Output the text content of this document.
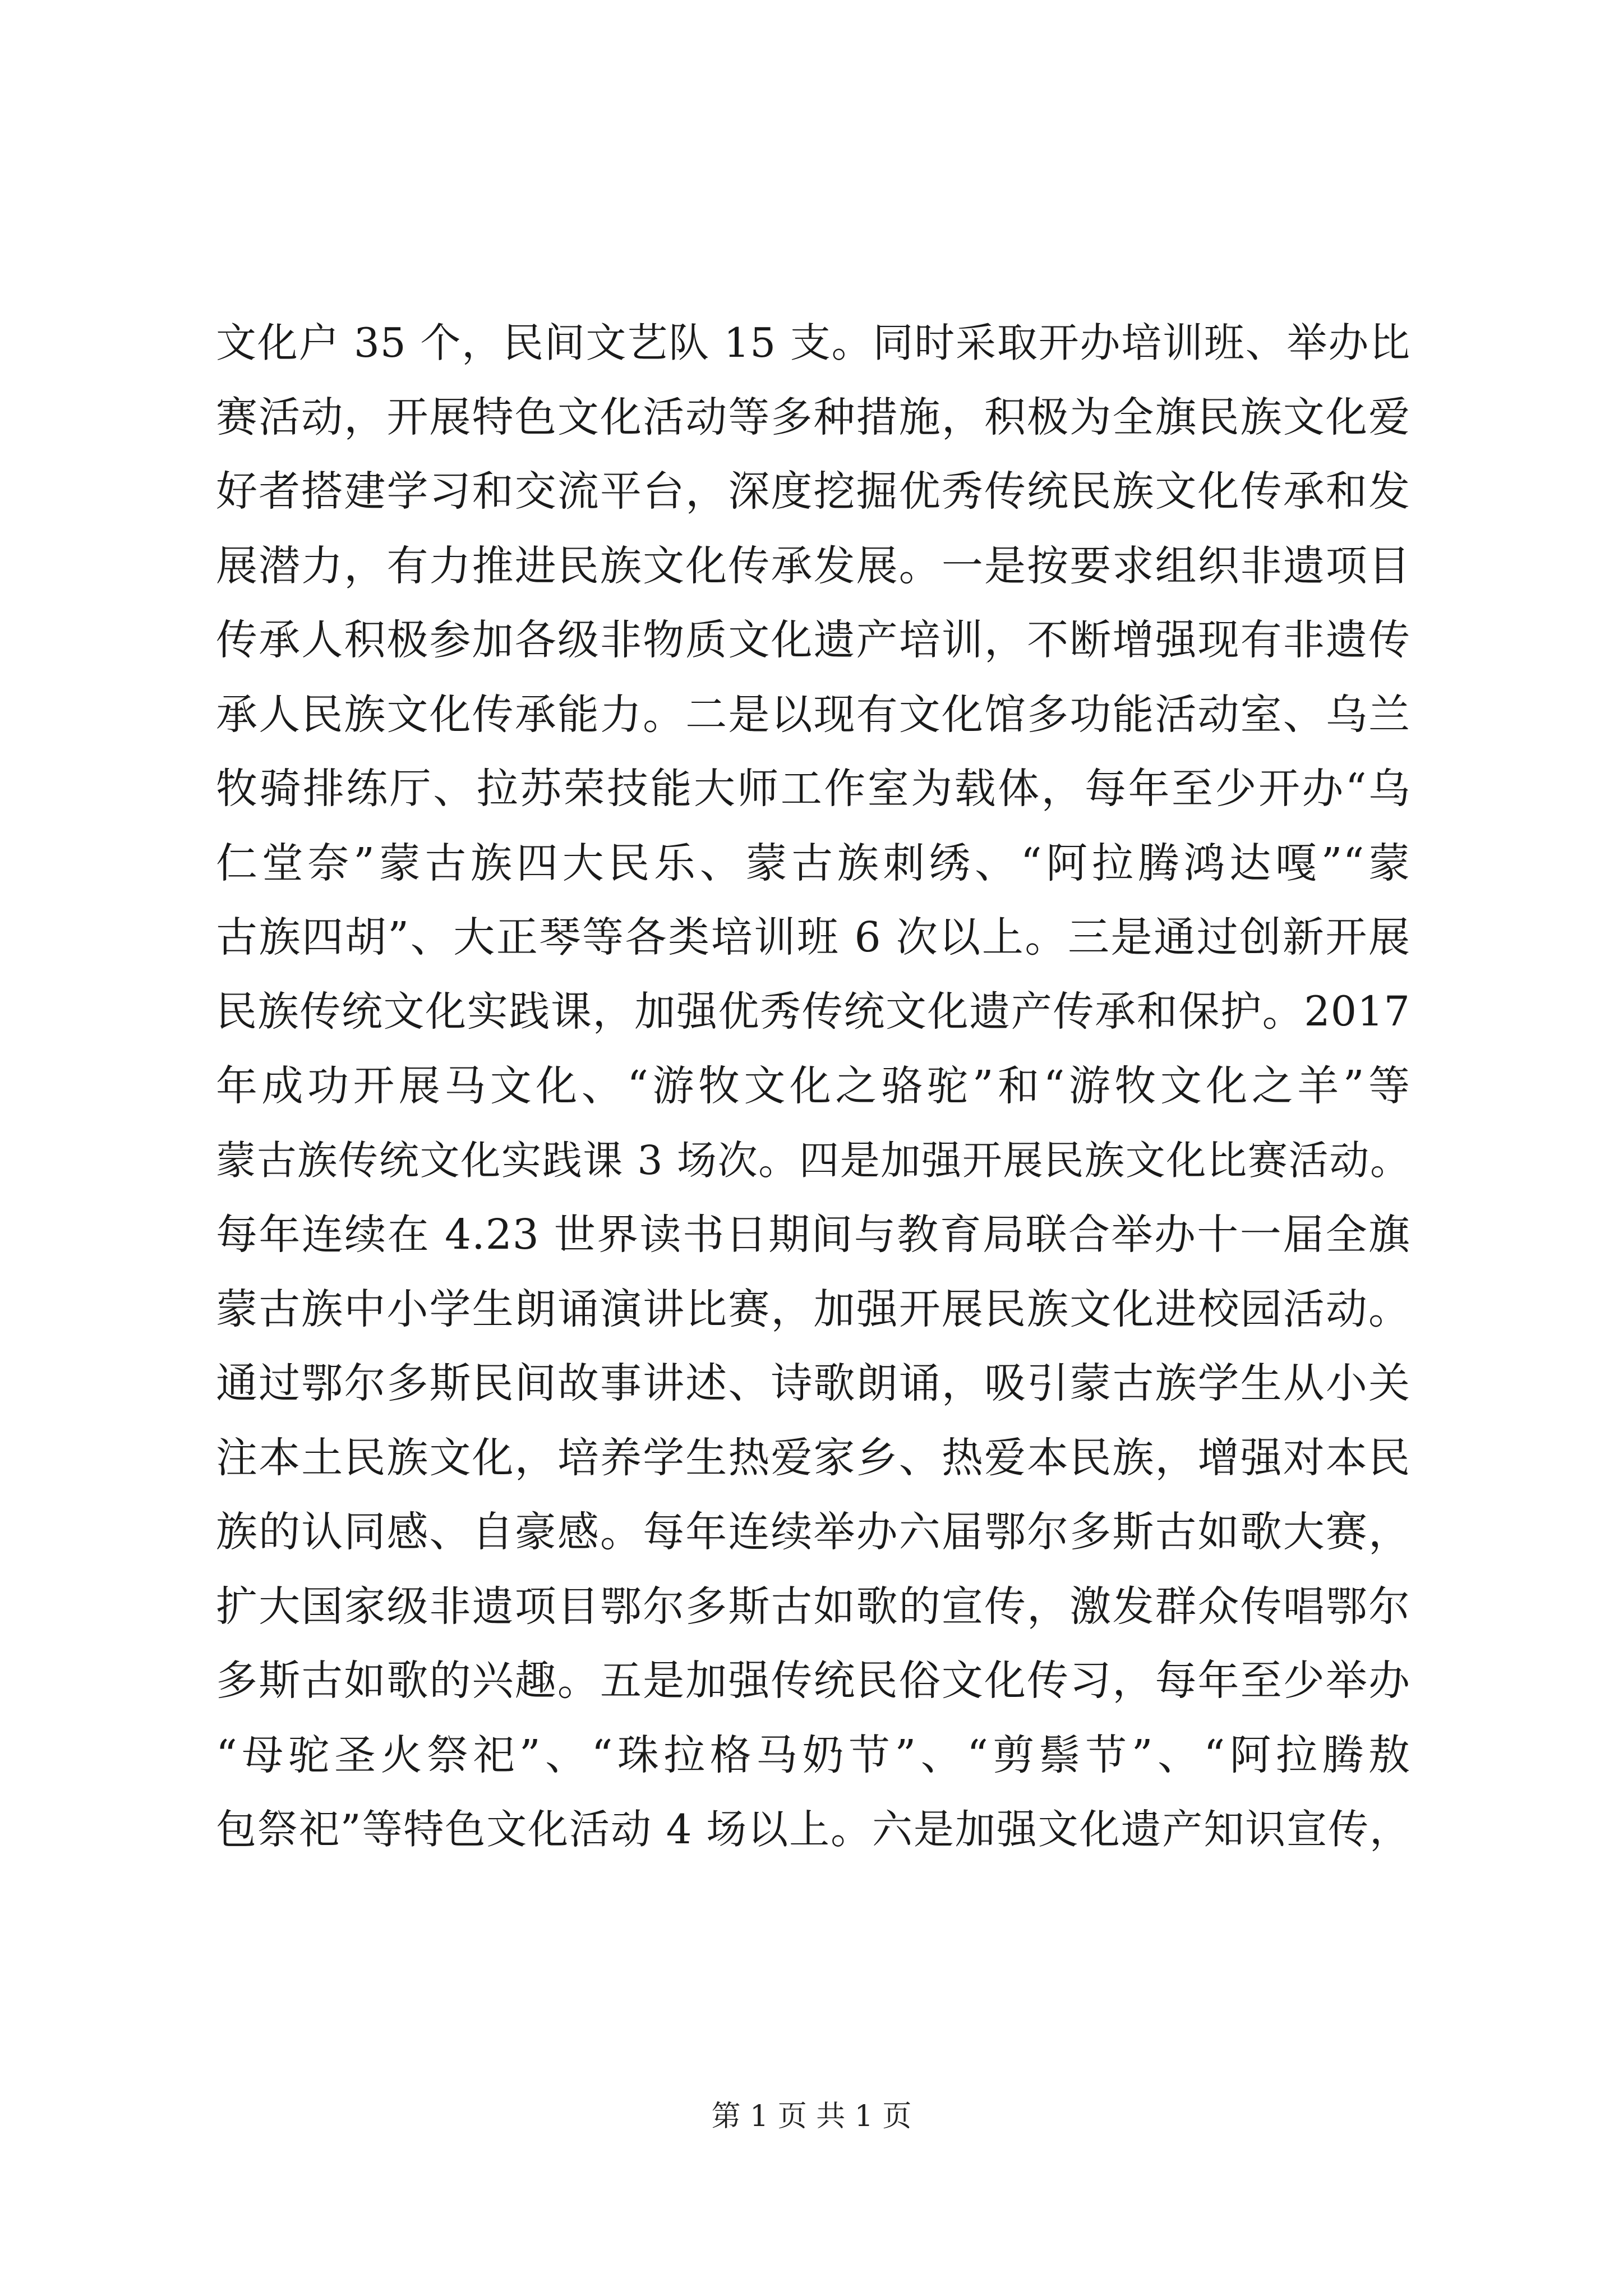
文化户 35 个，民间文艺队 15 支。同时采取开办培训班、举办比
赛活动，开展特色文化活动等多种措施，积极为全旗民族文化爱
好者搭建学习和交流平台，深度挖掘优秀传统民族文化传承和发
展潜力，有力推进民族文化传承发展。一是按要求组织非遗项目
传承人积极参加各级非物质文化遗产培训，不断增强现有非遗传
承人民族文化传承能力。二是以现有文化馆多功能活动室、乌兰
牧骑排练厅、拉苏荣技能大师工作室为载体，每年至少开办“乌
仁堂奈”蒙古族四大民乐、蒙古族刺绣、“阿拉腾鸿达嘎”“蒙
古族四胡”、大正琴等各类培训班 6 次以上。三是通过创新开展
民族传统文化实践课，加强优秀传统文化遗产传承和保护。2017
年成功开展马文化、“游牧文化之骆驼”和“游牧文化之羊”等
蒙古族传统文化实践课 3 场次。四是加强开展民族文化比赛活动。
每年连续在 4.23 世界读书日期间与教育局联合举办十一届全旗
蒙古族中小学生朗诵演讲比赛，加强开展民族文化进校园活动。
通过鄂尔多斯民间故事讲述、诗歌朗诵，吸引蒙古族学生从小关
注本土民族文化，培养学生热爱家乡、热爱本民族，增强对本民
族的认同感、自豪感。每年连续举办六届鄂尔多斯古如歌大赛，
扩大国家级非遗项目鄂尔多斯古如歌的宣传，激发群众传唱鄂尔
多斯古如歌的兴趣。五是加强传统民俗文化传习，每年至少举办
“母驼圣火祭祀”、“珠拉格马奶节”、“剪鬃节”、“阿拉腾敖
包祭祀”等特色文化活动 4 场以上。六是加强文化遗产知识宣传，
第 1 页 共 1 页
